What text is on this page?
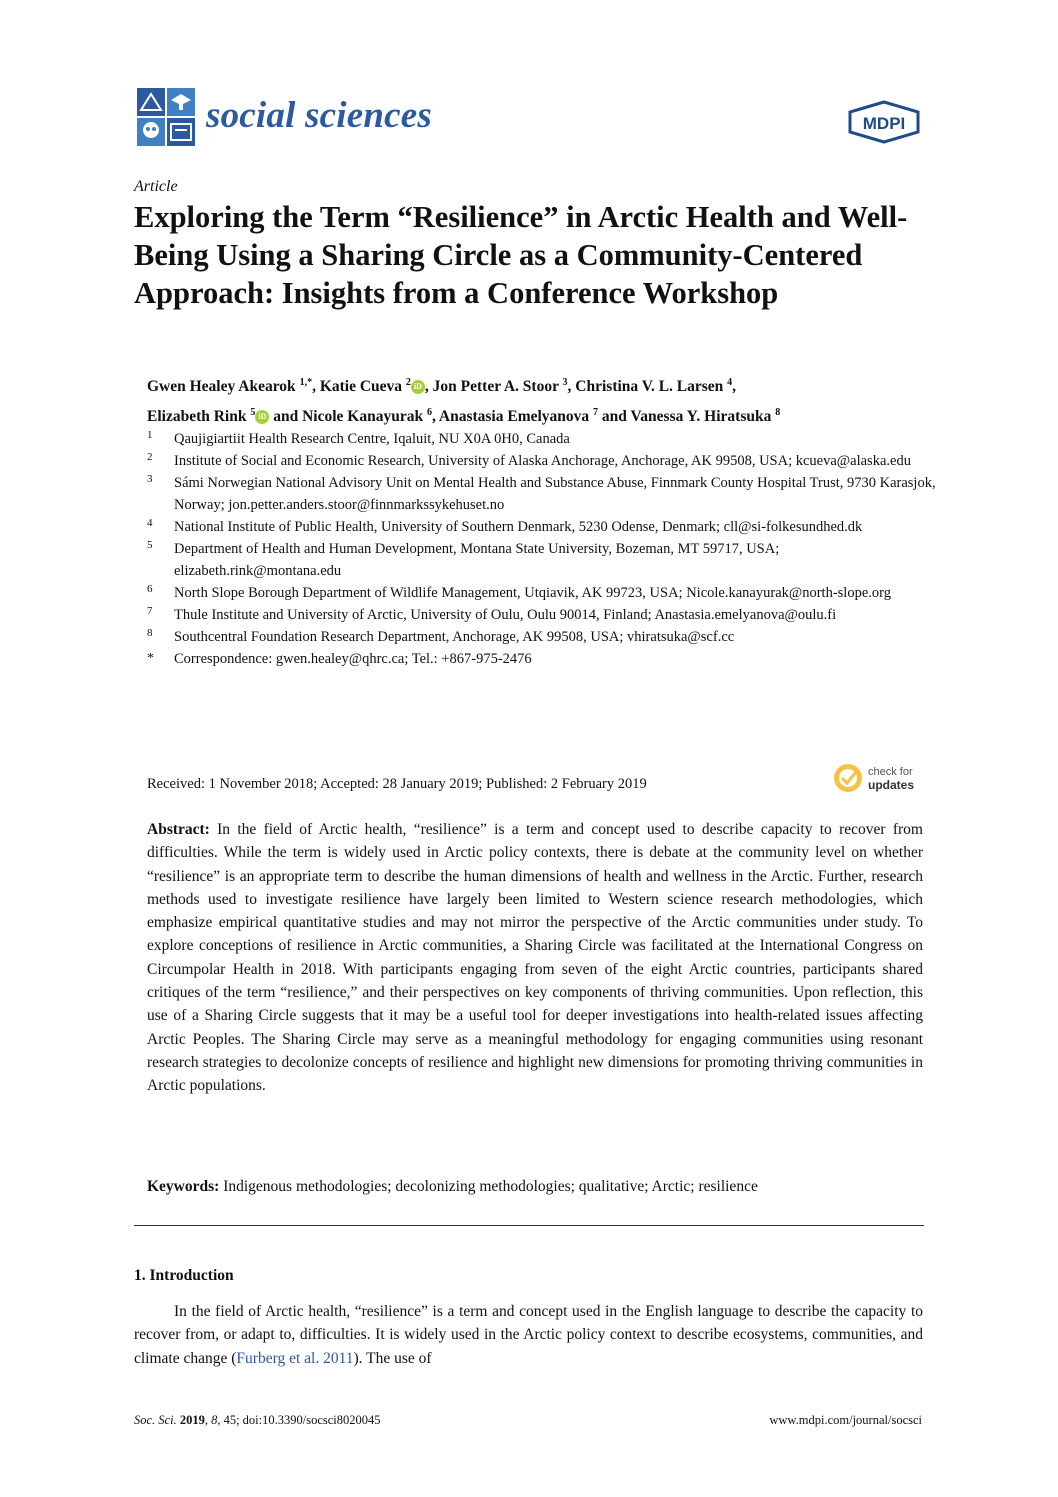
social sciences	MDPI
Article
Exploring the Term “Resilience” in Arctic Health and Well-Being Using a Sharing Circle as a Community-Centered Approach: Insights from a Conference Workshop
Gwen Healey Akearok $^{1,*}$, Katie Cueva $^2$ iD , Jon Petter A. Stoor $^3$, Christina V. L. Larsen $^4$,
Elizabeth Rink $^5$ iD and Nicole Kanayurak $^6$, Anastasia Emelyanova $^7$ and Vanessa Y. Hiratsuka $^8$
1 Qaujigiartiit Health Research Centre, Iqaluit, NU X0A 0H0, Canada
2 Institute of Social and Economic Research, University of Alaska Anchorage, Anchorage, AK 99508, USA; kcueva@alaska.edu
3 Sámi Norwegian National Advisory Unit on Mental Health and Substance Abuse, Finnmark County Hospital Trust, 9730 Karasjok, Norway; jon.petter.anders.stoor@finnmarkssykehuset.no
4 National Institute of Public Health, University of Southern Denmark, 5230 Odense, Denmark; cll@si-folkesundhed.dk
5 Department of Health and Human Development, Montana State University, Bozeman, MT 59717, USA; elizabeth.rink@montana.edu
6 North Slope Borough Department of Wildlife Management, Utqiavik, AK 99723, USA; Nicole.kanayurak@north-slope.org
7 Thule Institute and University of Arctic, University of Oulu, Oulu 90014, Finland; Anastasia.emelyanova@oulu.fi
8 Southcentral Foundation Research Department, Anchorage, AK 99508, USA; vhiratsuka@scf.cc
* Correspondence: gwen.healey@qhrc.ca; Tel.: +867-975-2476
Received: 1 November 2018; Accepted: 28 January 2019; Published: 2 February 2019
check for
updates
Abstract: In the field of Arctic health, “resilience” is a term and concept used to describe capacity to recover from difficulties. While the term is widely used in Arctic policy contexts, there is debate at the community level on whether “resilience” is an appropriate term to describe the human dimensions of health and wellness in the Arctic. Further, research methods used to investigate resilience have largely been limited to Western science research methodologies, which emphasize empirical quantitative studies and may not mirror the perspective of the Arctic communities under study. To explore conceptions of resilience in Arctic communities, a Sharing Circle was facilitated at the International Congress on Circumpolar Health in 2018. With participants engaging from seven of the eight Arctic countries, participants shared critiques of the term “resilience,” and their perspectives on key components of thriving communities. Upon reflection, this use of a Sharing Circle suggests that it may be a useful tool for deeper investigations into health-related issues affecting Arctic Peoples. The Sharing Circle may serve as a meaningful methodology for engaging communities using resonant research strategies to decolonize concepts of resilience and highlight new dimensions for promoting thriving communities in Arctic populations.
Keywords: Indigenous methodologies; decolonizing methodologies; qualitative; Arctic; resilience
1. Introduction
In the field of Arctic health, “resilience” is a term and concept used in the English language to describe the capacity to recover from, or adapt to, difficulties. It is widely used in the Arctic policy context to describe ecosystems, communities, and climate change (Furberg et al. 2011). The use of
Soc. Sci. 2019, 8, 45; doi:10.3390/socsci8020045	www.mdpi.com/journal/socsci
